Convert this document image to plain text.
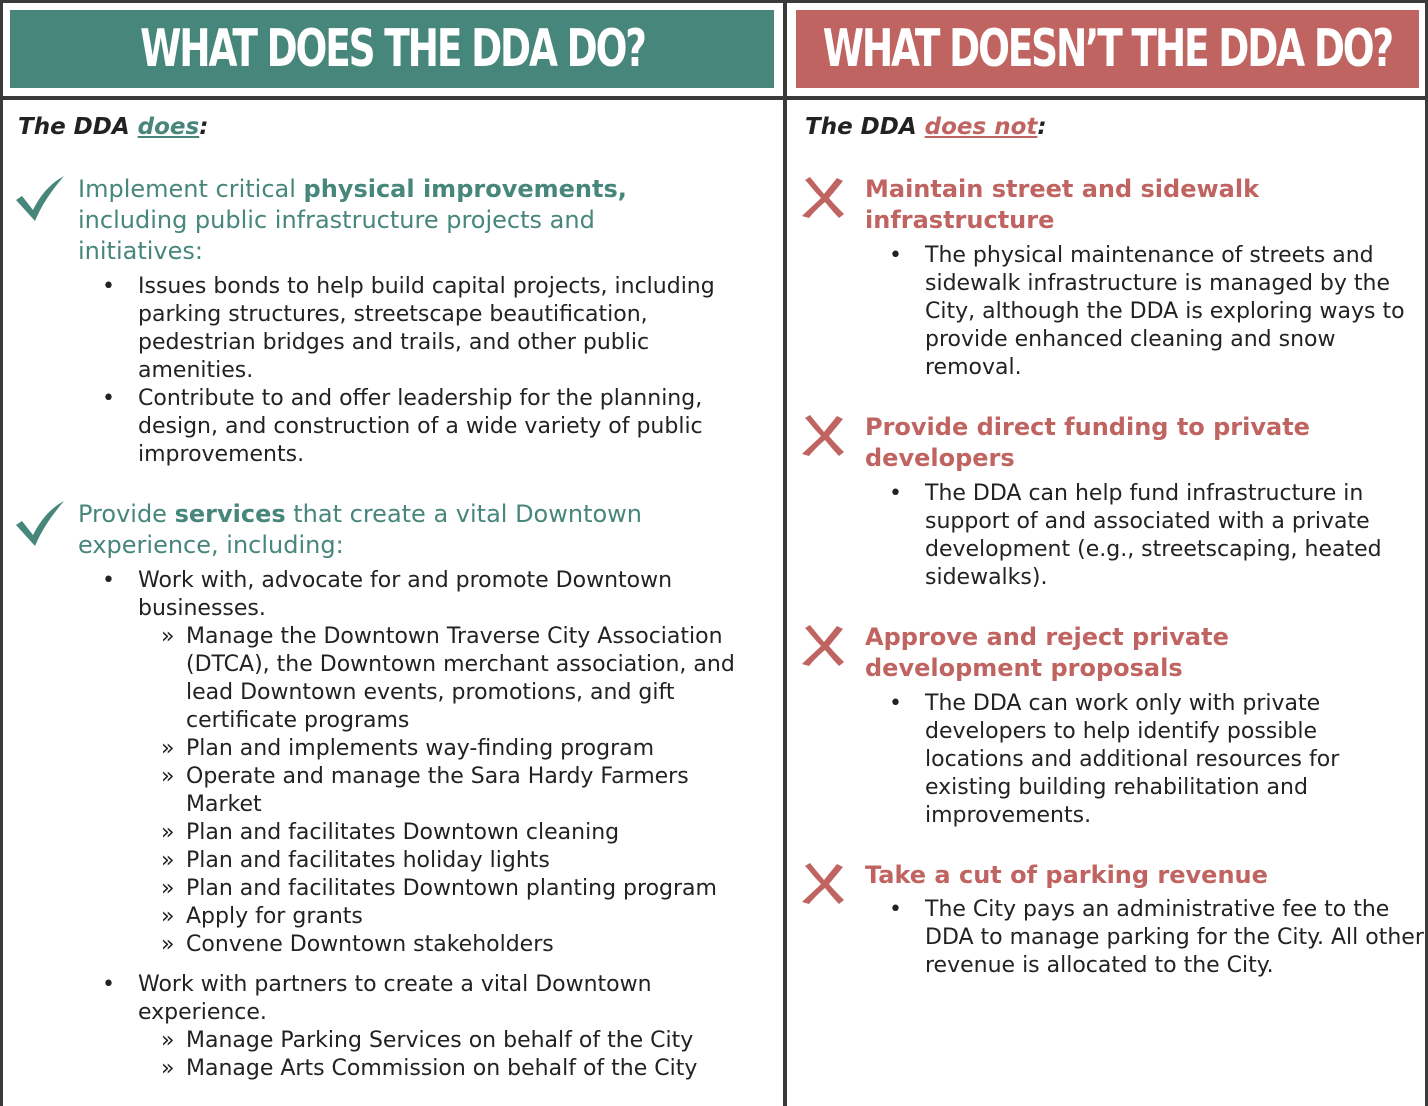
WHAT DOES THE DDA DO?	WHAT DOESN’T THE DDA DO?
The DDA does:
Implement critical physical improvements,
including public infrastructure projects and
initiatives:
• Issues bonds to help build capital projects, including parking structures, streetscape beautification, pedestrian bridges and trails, and other public amenities.
• Contribute to and offer leadership for the planning, design, and construction of a wide variety of public improvements.
Provide services that create a vital Downtown
experience, including:
• Work with, advocate for and promote Downtown businesses.
» Manage the Downtown Traverse City Association (DTCA), the Downtown merchant association, and lead Downtown events, promotions, and gift certificate programs
» Plan and implements way-finding program
» Operate and manage the Sara Hardy Farmers Market
» Plan and facilitates Downtown cleaning
» Plan and facilitates holiday lights
» Plan and facilitates Downtown planting program
» Apply for grants
» Convene Downtown stakeholders
• Work with partners to create a vital Downtown experience.
» Manage Parking Services on behalf of the City
» Manage Arts Commission on behalf of the City
The DDA does not:
Maintain street and sidewalk
infrastructure
• The physical maintenance of streets and sidewalk infrastructure is managed by the City, although the DDA is exploring ways to provide enhanced cleaning and snow removal.
Provide direct funding to private
developers
• The DDA can help fund infrastructure in support of and associated with a private development (e.g., streetscaping, heated sidewalks).
Approve and reject private
development proposals
• The DDA can work only with private developers to help identify possible locations and additional resources for existing building rehabilitation and improvements.
Take a cut of parking revenue
• The City pays an administrative fee to the DDA to manage parking for the City. All other revenue is allocated to the City.
